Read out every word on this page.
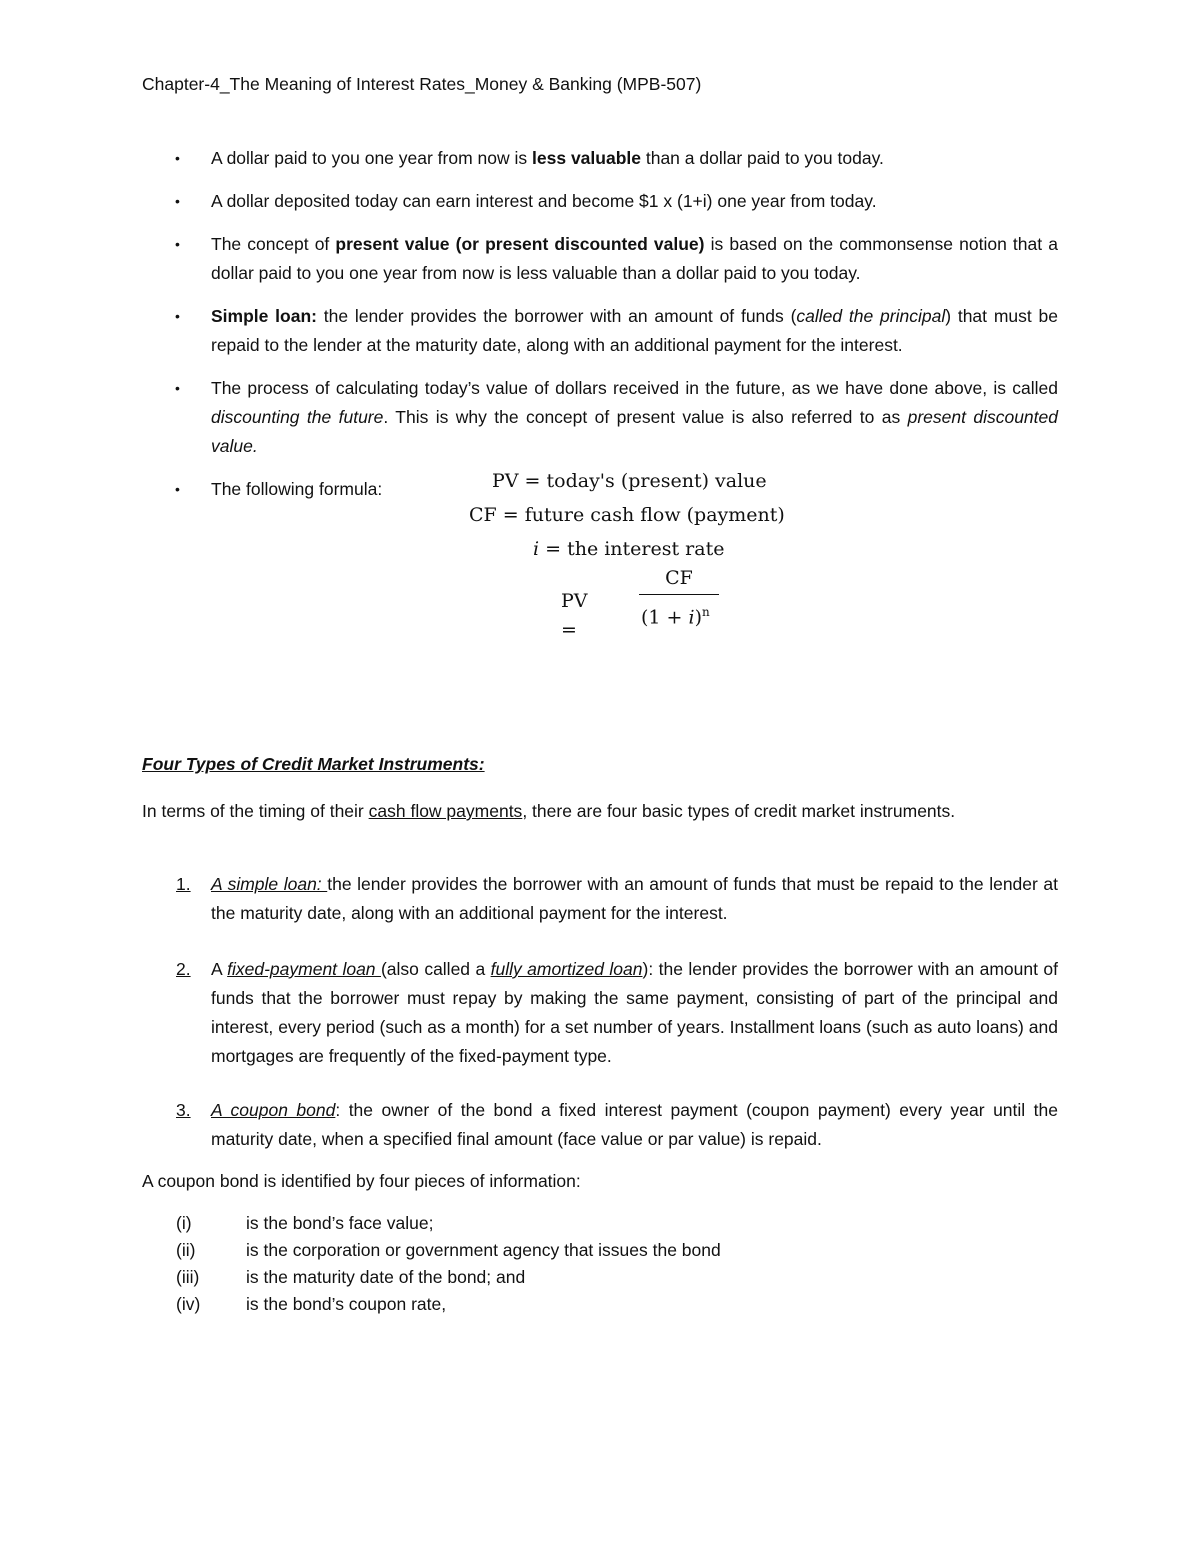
Chapter-4_The Meaning of Interest Rates_Money & Banking (MPB-507)
• A dollar paid to you one year from now is less valuable than a dollar paid to you today.
• A dollar deposited today can earn interest and become $1 x (1+i) one year from today.
• The concept of present value (or present discounted value) is based on the commonsense notion that a dollar paid to you one year from now is less valuable than a dollar paid to you today.
• Simple loan: the lender provides the borrower with an amount of funds (called the principal) that must be repaid to the lender at the maturity date, along with an additional payment for the interest.
• The process of calculating today’s value of dollars received in the future, as we have done above, is called discounting the future. This is why the concept of present value is also referred to as present discounted value.
• The following formula:	PV = today's (present) value
CF = future cash flow (payment)
i = the interest rate
PV =
CF
$(1 + i)^n$
Four Types of Credit Market Instruments:
In terms of the timing of their cash flow payments, there are four basic types of credit market instruments.
1. A simple loan: the lender provides the borrower with an amount of funds that must be repaid to the lender at the maturity date, along with an additional payment for the interest.
2. A fixed-payment loan (also called a fully amortized loan): the lender provides the borrower with an amount of funds that the borrower must repay by making the same payment, consisting of part of the principal and interest, every period (such as a month) for a set number of years. Installment loans (such as auto loans) and mortgages are frequently of the fixed-payment type.
3. A coupon bond: the owner of the bond a fixed interest payment (coupon payment) every year until the maturity date, when a specified final amount (face value or par value) is repaid.
A coupon bond is identified by four pieces of information:
(i)	is the bond’s face value;
(ii)	is the corporation or government agency that issues the bond
(iii)	is the maturity date of the bond; and
(iv)	is the bond’s coupon rate,
